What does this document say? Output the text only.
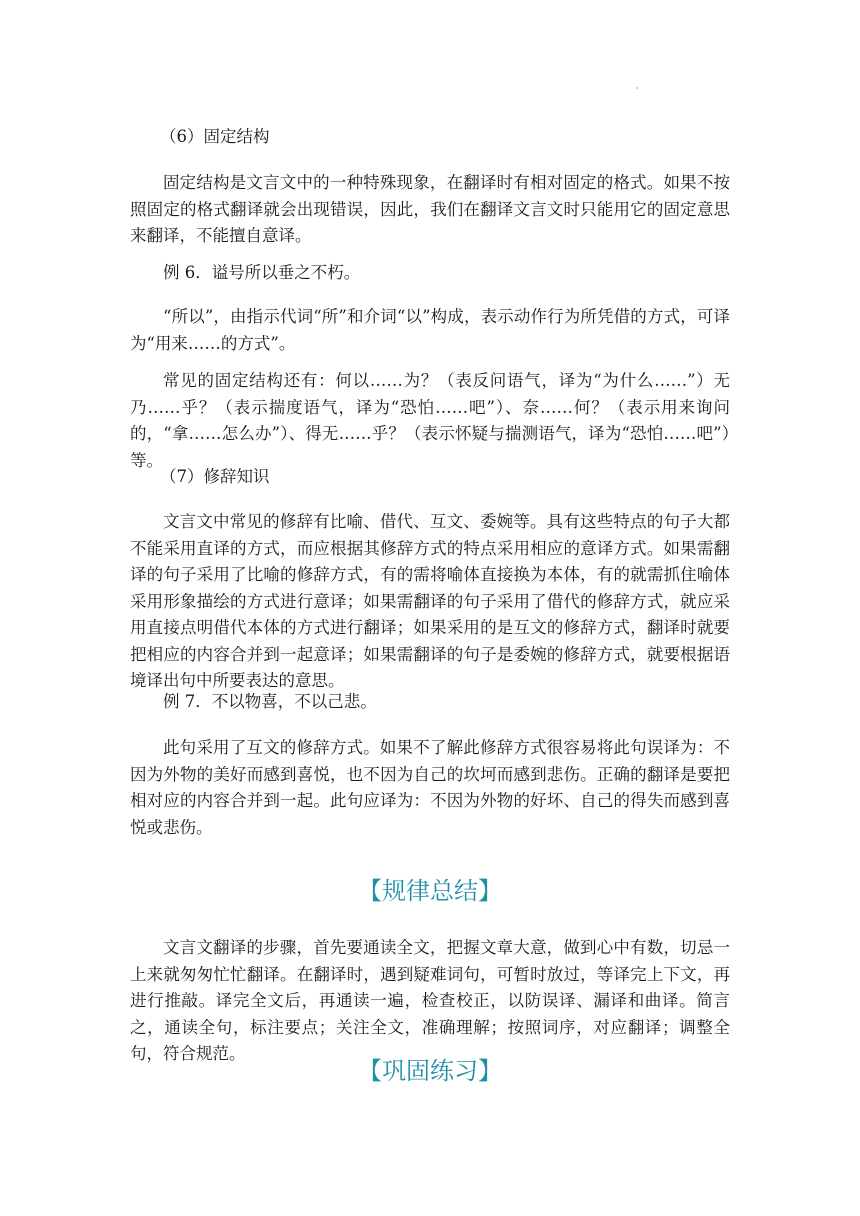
·
（6）固定结构

固定结构是文言文中的一种特殊现象，在翻译时有相对固定的格式。如果不按照固定的格式翻译就会出现错误，因此，我们在翻译文言文时只能用它的固定意思来翻译，不能擅自意译。

例 6．谥号所以垂之不朽。

“所以”，由指示代词“所”和介词“以”构成，表示动作行为所凭借的方式，可译为“用来……的方式”。

常见的固定结构还有：何以……为？（表反问语气，译为“为什么……”）无乃……乎？（表示揣度语气，译为“恐怕……吧”）、奈……何？（表示用来询问的，“拿……怎么办”）、得无……乎？（表示怀疑与揣测语气，译为“恐怕……吧”）等。

（7）修辞知识

文言文中常见的修辞有比喻、借代、互文、委婉等。具有这些特点的句子大都不能采用直译的方式，而应根据其修辞方式的特点采用相应的意译方式。如果需翻译的句子采用了比喻的修辞方式，有的需将喻体直接换为本体，有的就需抓住喻体采用形象描绘的方式进行意译；如果需翻译的句子采用了借代的修辞方式，就应采用直接点明借代本体的方式进行翻译；如果采用的是互文的修辞方式，翻译时就要把相应的内容合并到一起意译；如果需翻译的句子是委婉的修辞方式，就要根据语境译出句中所要表达的意思。

例 7．不以物喜，不以己悲。

此句采用了互文的修辞方式。如果不了解此修辞方式很容易将此句误译为：不因为外物的美好而感到喜悦，也不因为自己的坎坷而感到悲伤。正确的翻译是要把相对应的内容合并到一起。此句应译为：不因为外物的好坏、自己的得失而感到喜悦或悲伤。

【规律总结】

文言文翻译的步骤，首先要通读全文，把握文章大意，做到心中有数，切忌一上来就匆匆忙忙翻译。在翻译时，遇到疑难词句，可暂时放过，等译完上下文，再进行推敲。译完全文后，再通读一遍，检查校正，以防误译、漏译和曲译。简言之，通读全句，标注要点；关注全文，准确理解；按照词序，对应翻译；调整全句，符合规范。

【巩固练习】
